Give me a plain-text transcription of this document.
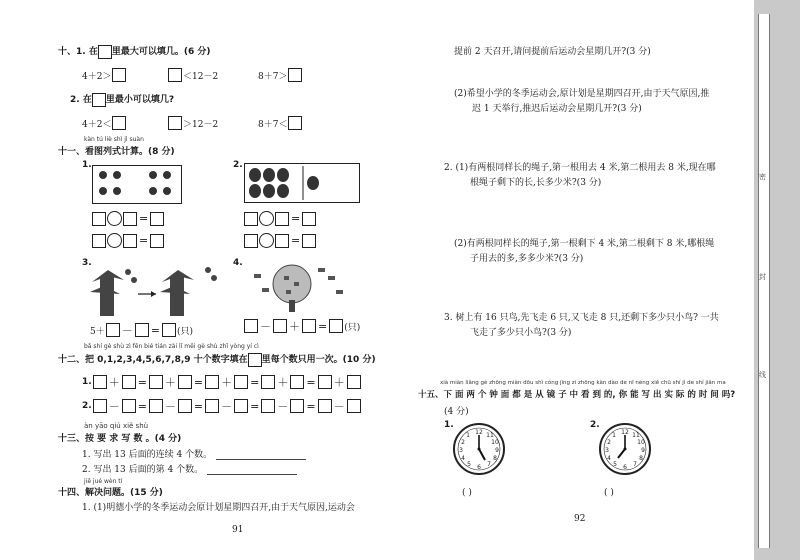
十、1. 在 里最大可以填几。(6 分)
4＋2＞	＜12－2	8＋7＞
2. 在 里最小可以填几?
4＋2＜	＞12－2	8＋7＜
kàn tú liè shì jì suàn
十一、看图列式计算。(8 分)
1.
=
=
2.
=
=
3.
5＋ － = (只)
4.
－ ＋ = (只)
bǎ shí gè shù zì fēn bié tián zài lǐ měi gè shù zhǐ yòng yí cì
十二、把 0,1,2,3,4,5,6,7,8,9 十个数字填在 里每个数只用一次。(10 分)
1. ＋ = ＋ = ＋ = ＋ = ＋
2. － = － = － = － = －
àn yāo qiú xiě shù
十三、按 要 求 写 数 。(4 分)
1. 写出 13 后面的连续 4 个数。
2. 写出 13 后面的第 4 个数。
jiě jué wèn tí
十四、解决问题。(15 分)
1. (1)明德小学的冬季运动会原计划星期四召开,由于天气原因,运动会
91
提前 2 天召开,请问提前后运动会星期几开?(3 分)
(2)希望小学的冬季运动会,原计划是星期四召开,由于天气原因,推
迟 1 天举行,推迟后运动会星期几开?(3 分)
2. (1)有两根同样长的绳子,第一根用去 4 米,第二根用去 8 米,现在哪
根绳子剩下的长,长多少米?(3 分)
(2)有两根同样长的绳子,第一根剩下 4 米,第二根剩下 8 米,哪根绳
子用去的多,多多少米?(3 分)
3. 树上有 16 只鸟,先飞走 6 只,又飞走 8 只,还剩下多少只小鸟? 一共
飞走了多少只小鸟?(3 分)
xià miàn liǎng gè zhōng miàn dōu shì cóng jìng zi zhōng kàn dào de nǐ néng xiě chū shí jì de shí jiān ma
十五、下 面 两 个 钟 面 都 是 从 镜 子 中 看 到 的, 你 能 写 出 实 际 的 时 间 吗?
(4 分)
1.	2.
12
1
2
3
4
5 6 7
8
9
10
11	12
1
2
3
4
5 6 7
8
9
10
11
( )	( )
92
密
封
线
